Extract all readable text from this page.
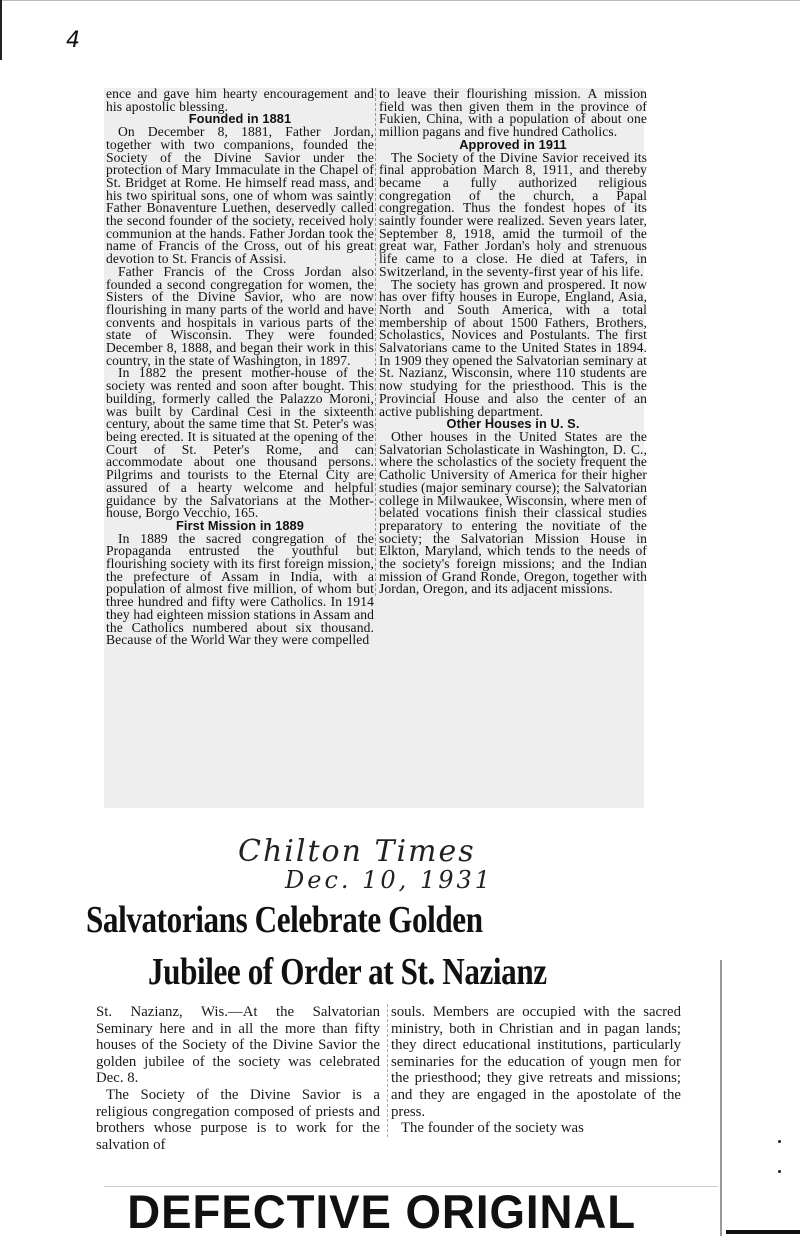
4

ence and gave him hearty encouragement and his apostolic blessing.

Founded in 1881

On December 8, 1881, Father Jordan, together with two companions, founded the Society of the Divine Savior under the protection of Mary Immaculate in the Chapel of St. Bridget at Rome. He himself read mass, and his two spiritual sons, one of whom was saintly Father Bonaventure Luethen, deservedly called the second founder of the society, received holy communion at the hands. Father Jordan took the name of Francis of the Cross, out of his great devotion to St. Francis of Assisi.

Father Francis of the Cross Jordan also founded a second congregation for women, the Sisters of the Divine Savior, who are now flourishing in many parts of the world and have convents and hospitals in various parts of the state of Wisconsin. They were founded December 8, 1888, and began their work in this country, in the state of Washington, in 1897.

In 1882 the present mother-house of the society was rented and soon after bought. This building, formerly called the Palazzo Moroni, was built by Cardinal Cesi in the sixteenth century, about the same time that St. Peter's was being erected. It is situated at the opening of the Court of St. Peter's Rome, and can accommodate about one thousand persons. Pilgrims and tourists to the Eternal City are assured of a hearty welcome and helpful guidance by the Salvatorians at the Mother-house, Borgo Vecchio, 165.

First Mission in 1889

In 1889 the sacred congregation of the Propaganda entrusted the youthful but flourishing society with its first foreign mission, the prefecture of Assam in India, with a population of almost five million, of whom but three hundred and fifty were Catholics. In 1914 they had eighteen mission stations in Assam and the Catholics numbered about six thousand. Because of the World War they were compelled

to leave their flourishing mission. A mission field was then given them in the province of Fukien, China, with a population of about one million pagans and five hundred Catholics.

Approved in 1911

The Society of the Divine Savior received its final approbation March 8, 1911, and thereby became a fully authorized religious congregation of the church, a Papal congregation. Thus the fondest hopes of its saintly founder were realized. Seven years later, September 8, 1918, amid the turmoil of the great war, Father Jordan's holy and strenuous life came to a close. He died at Tafers, in Switzerland, in the seventy-first year of his life.

The society has grown and prospered. It now has over fifty houses in Europe, England, Asia, North and South America, with a total membership of about 1500 Fathers, Brothers, Scholastics, Novices and Postulants. The first Salvatorians came to the United States in 1894. In 1909 they opened the Salvatorian seminary at St. Nazianz, Wisconsin, where 110 students are now studying for the priesthood. This is the Provincial House and also the center of an active publishing department.

Other Houses in U. S.

Other houses in the United States are the Salvatorian Scholasticate in Washington, D. C., where the scholastics of the society frequent the Catholic University of America for their higher studies (major seminary course); the Salvatorian college in Milwaukee, Wisconsin, where men of belated vocations finish their classical studies preparatory to entering the novitiate of the society; the Salvatorian Mission House in Elkton, Maryland, which tends to the needs of the society's foreign missions; and the Indian mission of Grand Ronde, Oregon, together with Jordan, Oregon, and its adjacent missions.

Chilton Times
Dec. 10, 1931
Salvatorians Celebrate Golden
Jubilee of Order at St. Nazianz

St. Nazianz, Wis.—At the Salvatorian Seminary here and in all the more than fifty houses of the Society of the Divine Savior the golden jubilee of the society was celebrated Dec. 8.

The Society of the Divine Savior is a religious congregation composed of priests and brothers whose purpose is to work for the salvation of

souls. Members are occupied with the sacred ministry, both in Christian and in pagan lands; they direct educational institutions, particularly seminaries for the education of yougn men for the priesthood; they give retreats and missions; and they are engaged in the apostolate of the press.

The founder of the society was

DEFECTIVE ORIGINAL
